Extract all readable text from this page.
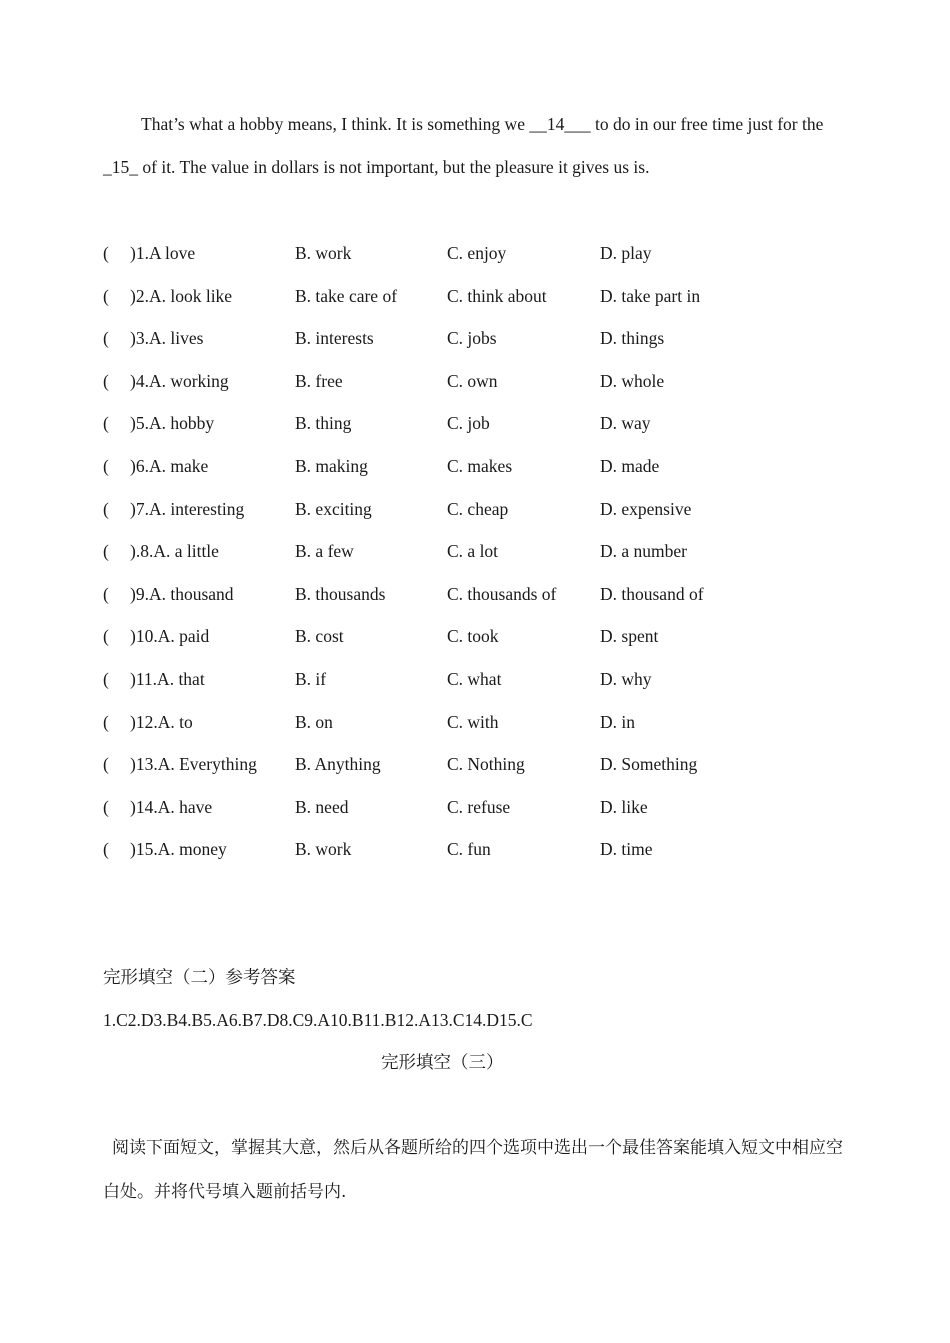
That’s what a hobby means, I think. It is something we __14___ to do in our free time just for the _15_ of it. The value in dollars is not important, but the pleasure it gives us is.

( )1.A love	B. work	C. enjoy	D. play
( )2.A. look like	B. take care of	C. think about	D. take part in
( )3.A. lives	B. interests	C. jobs	D. things
( )4.A. working	B. free	C. own	D. whole
( )5.A. hobby	B. thing	C. job	D. way
( )6.A. make	B. making	C. makes	D. made
( )7.A. interesting	B. exciting	C. cheap	D. expensive
( ).8.A. a little	B. a few	C. a lot	D. a number
( )9.A. thousand	B. thousands	C. thousands of D. thousand of
( )10.A. paid	B. cost	C. took	D. spent
( )11.A. that	B. if	C. what	D. why
( )12.A. to	B. on	C. with	D. in
( )13.A. Everything B. Anything	C. Nothing	D. Something
( )14.A. have	B. need	C. refuse	D. like
( )15.A. money	B. work	C. fun	D. time
完形填空（二）参考答案
1.C2.D3.B4.B5.A6.B7.D8.C9.A10.B11.B12.A13.C14.D15.C
完形填空（三）

阅读下面短文，掌握其大意，然后从各题所给的四个选项中选出一个最佳答案能填入短文中相应空白处。并将代号填入题前括号内.
